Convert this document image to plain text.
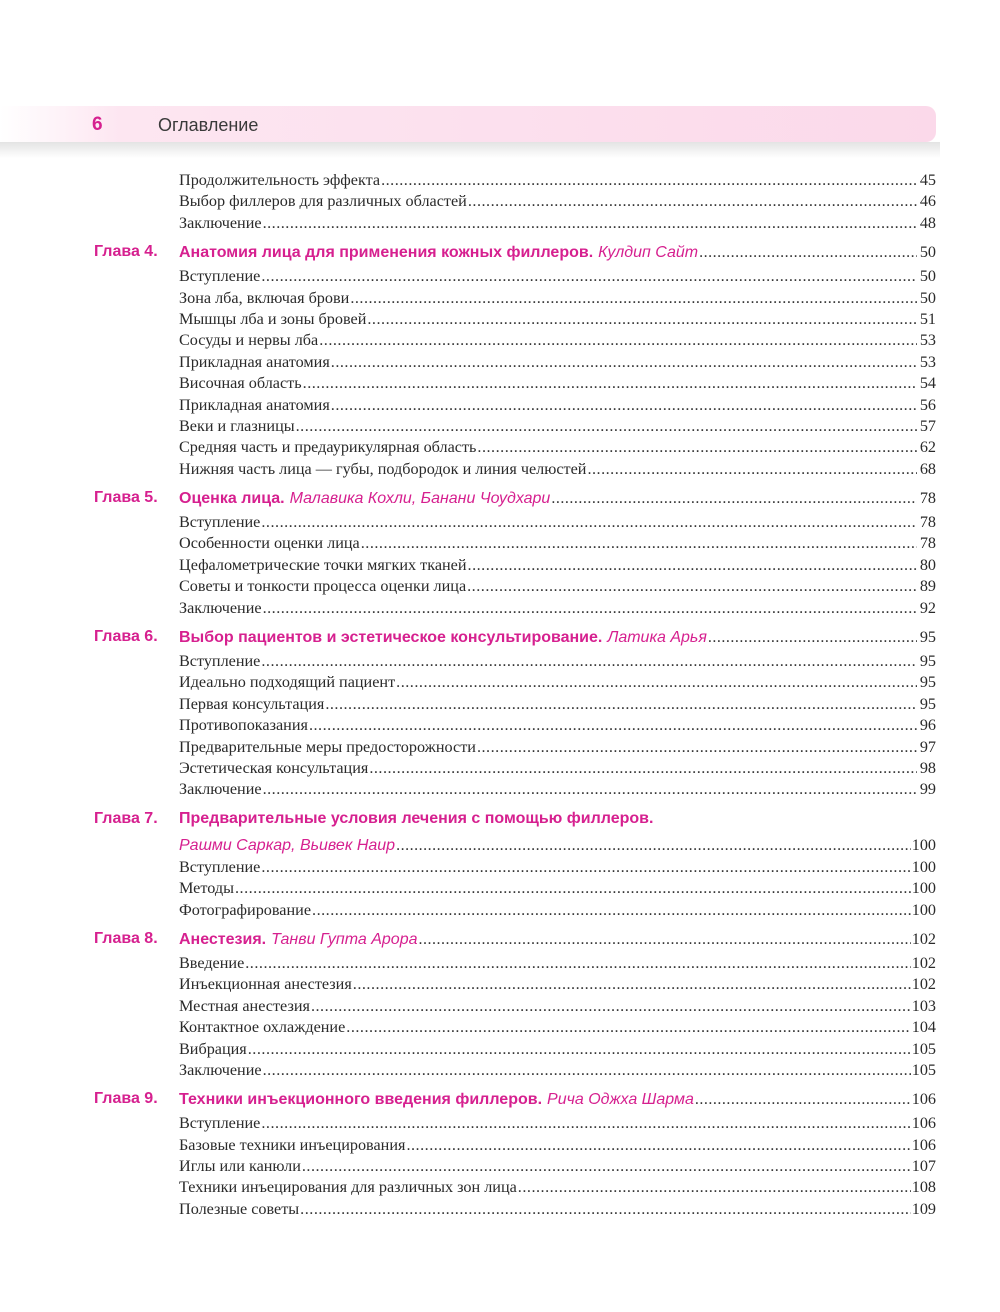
6	Оглавление
Продолжительность эффекта .....	45
Выбор филлеров для различных областей .....	46
Заключение .....	48
Глава 4. Анатомия лица для применения кожных филлеров. Кулдип Сайт .....	50
Вступление .....	50
Зона лба, включая брови .....	50
Мышцы лба и зоны бровей .....	51
Сосуды и нервы лба .....	53
Прикладная анатомия .....	53
Височная область .....	54
Прикладная анатомия .....	56
Веки и глазницы .....	57
Средняя часть и предаурикулярная область .....	62
Нижняя часть лица — губы, подбородок и линия челюстей .....	68
Глава 5. Оценка лица. Малавика Кохли, Банани Чоудхари .....	78
Вступление .....	78
Особенности оценки лица .....	78
Цефалометрические точки мягких тканей .....	80
Советы и тонкости процесса оценки лица .....	89
Заключение .....	92
Глава 6. Выбор пациентов и эстетическое консультирование. Латика Арья .....	95
Вступление .....	95
Идеально подходящий пациент .....	95
Первая консультация .....	95
Противопоказания .....	96
Предварительные меры предосторожности .....	97
Эстетическая консультация .....	98
Заключение .....	99
Глава 7. Предварительные условия лечения с помощью филлеров.
Рашми Саркар, Вьивек Наир .....	100
Вступление .....	100
Методы .....	100
Фотографирование .....	100
Глава 8. Анестезия. Танви Гупта Арора .....	102
Введение .....	102
Инъекционная анестезия .....	102
Местная анестезия .....	103
Контактное охлаждение .....	104
Вибрация .....	105
Заключение .....	105
Глава 9. Техники инъекционного введения филлеров. Рича Оджха Шарма .....	106
Вступление .....	106
Базовые техники инъецирования .....	106
Иглы или канюли .....	107
Техники инъецирования для различных зон лица .....	108
Полезные советы .....	109
